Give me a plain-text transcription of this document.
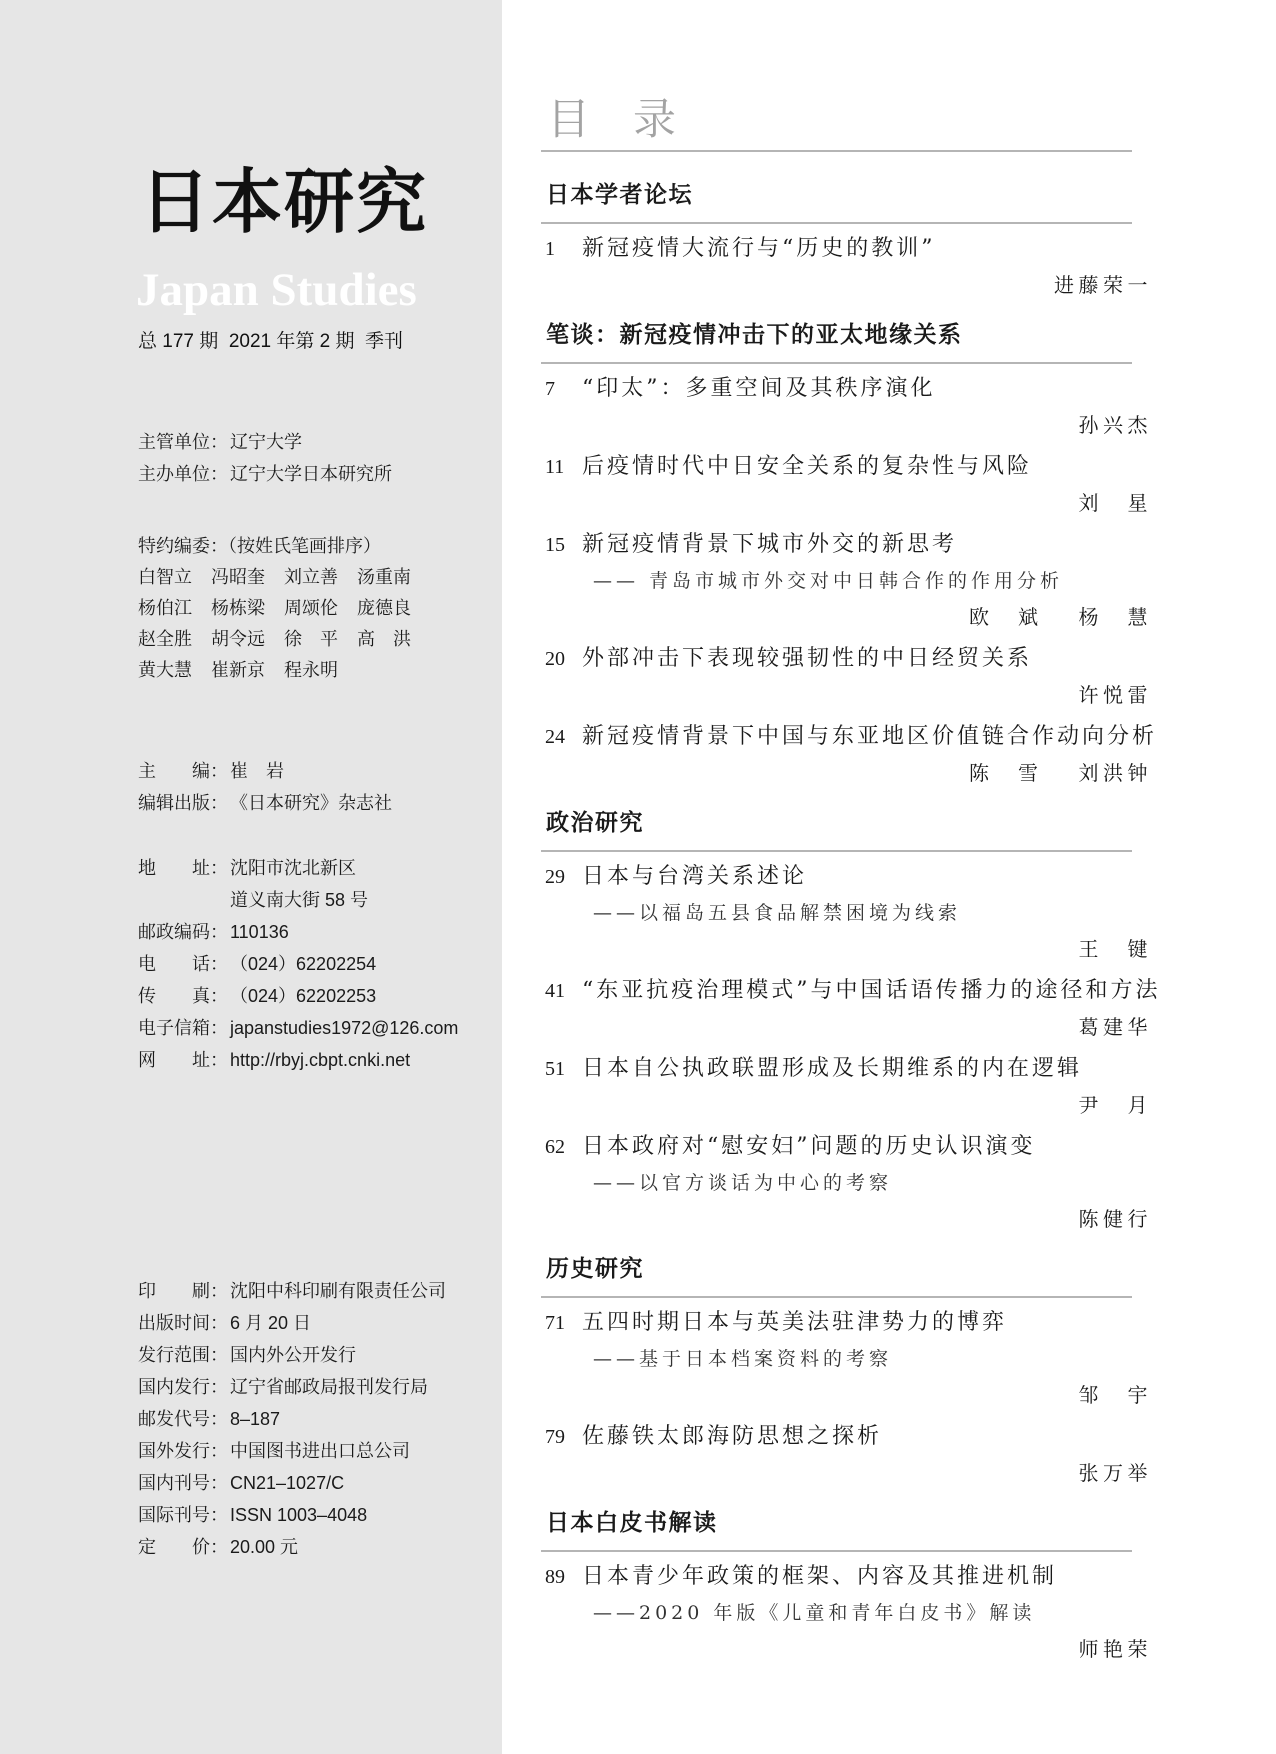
日本研究
Japan Studies
总 177 期  2021 年第 2 期  季刊
主管单位： 辽宁大学
主办单位： 辽宁大学日本研究所
特约编委：（按姓氏笔画排序）
白智立	冯昭奎	刘立善	汤重南
杨伯江	杨栋梁	周颂伦	庞德良
赵全胜	胡令远	徐　平	高　洪
黄大慧	崔新京	程永明
主　　编： 崔　岩
编辑出版： 《日本研究》杂志社
地　　址： 沈阳市沈北新区
道义南大街 58 号
邮政编码： 110136
电　　话： （024）62202254
传　　真： （024）62202253
电子信箱： japanstudies1972@126.com
网　　址： http://rbyj.cbpt.cnki.net
印　　刷： 沈阳中科印刷有限责任公司
出版时间： 6 月 20 日
发行范围： 国内外公开发行
国内发行： 辽宁省邮政局报刊发行局
邮发代号： 8–187
国外发行： 中国图书进出口总公司
国内刊号： CN21–1027/C
国际刊号： ISSN 1003–4048
定　　价： 20.00 元
目　录
日本学者论坛
1 新冠疫情大流行与“历史的教训”
进藤荣一
笔谈：新冠疫情冲击下的亚太地缘关系
7 “印太”：多重空间及其秩序演化
孙兴杰
11 后疫情时代中日安全关系的复杂性与风险
刘　星
15 新冠疫情背景下城市外交的新思考
—— 青岛市城市外交对中日韩合作的作用分析
欧　斌 杨　慧
20 外部冲击下表现较强韧性的中日经贸关系
许悦雷
24 新冠疫情背景下中国与东亚地区价值链合作动向分析
陈　雪 刘洪钟
政治研究
29 日本与台湾关系述论
——以福岛五县食品解禁困境为线索
王　键
41 “东亚抗疫治理模式”与中国话语传播力的途径和方法
葛建华
51 日本自公执政联盟形成及长期维系的内在逻辑
尹　月
62 日本政府对“慰安妇”问题的历史认识演变
——以官方谈话为中心的考察
陈健行
历史研究
71 五四时期日本与英美法驻津势力的博弈
——基于日本档案资料的考察
邹　宇
79 佐藤铁太郎海防思想之探析
张万举
日本白皮书解读
89 日本青少年政策的框架、内容及其推进机制
——2020 年版《儿童和青年白皮书》解读
师艳荣
